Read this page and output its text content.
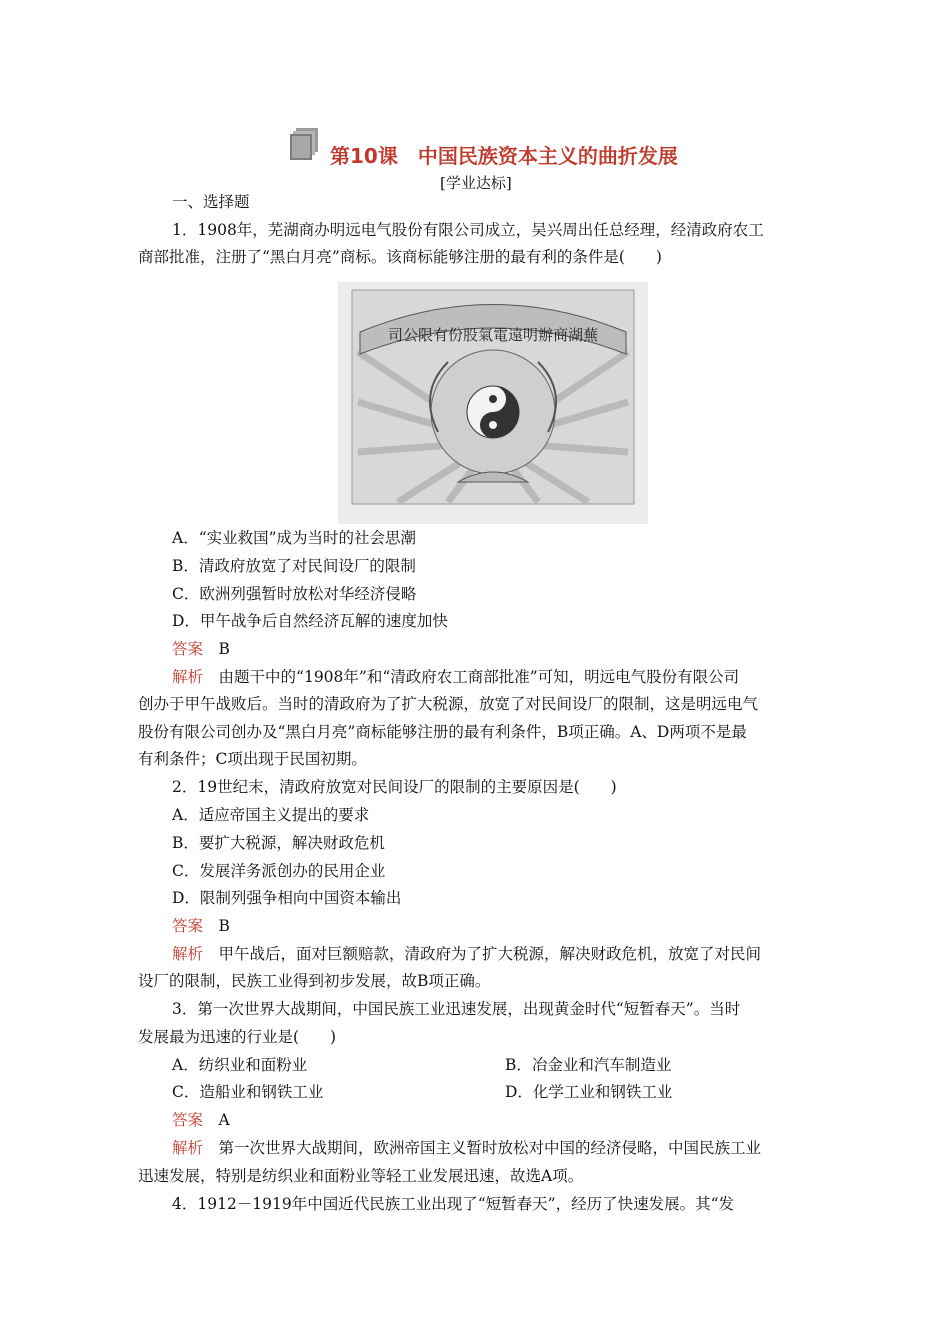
第10课　中国民族资本主义的曲折发展
[学业达标]
一、选择题
1．1908年，芜湖商办明远电气股份有限公司成立，吴兴周出任总经理，经清政府农工
商部批准，注册了“黑白月亮”商标。该商标能够注册的最有利的条件是(　　)
司公限有份股氣電遠明辦商湖蕪
A．“实业救国”成为当时的社会思潮
B．清政府放宽了对民间设厂的限制
C．欧洲列强暂时放松对华经济侵略
D．甲午战争后自然经济瓦解的速度加快
答案　 B
解析　 由题干中的“1908年”和“清政府农工商部批准”可知，明远电气股份有限公司
创办于甲午战败后。当时的清政府为了扩大税源，放宽了对民间设厂的限制，这是明远电气
股份有限公司创办及“黑白月亮”商标能够注册的最有利条件，B项正确。A、D两项不是最
有利条件；C项出现于民国初期。
2．19世纪末，清政府放宽对民间设厂的限制的主要原因是(　　)
A．适应帝国主义提出的要求
B．要扩大税源，解决财政危机
C．发展洋务派创办的民用企业
D．限制列强争相向中国资本输出
答案　 B
解析　 甲午战后，面对巨额赔款，清政府为了扩大税源，解决财政危机，放宽了对民间
设厂的限制，民族工业得到初步发展，故B项正确。
3．第一次世界大战期间，中国民族工业迅速发展，出现黄金时代“短暂春天”。当时
发展最为迅速的行业是(　　)
A．纺织业和面粉业	B．冶金业和汽车制造业
C．造船业和钢铁工业	D．化学工业和钢铁工业
答案　 A
解析　 第一次世界大战期间，欧洲帝国主义暂时放松对中国的经济侵略，中国民族工业
迅速发展，特别是纺织业和面粉业等轻工业发展迅速，故选A项。
4．1912－1919年中国近代民族工业出现了“短暂春天”，经历了快速发展。其“发
